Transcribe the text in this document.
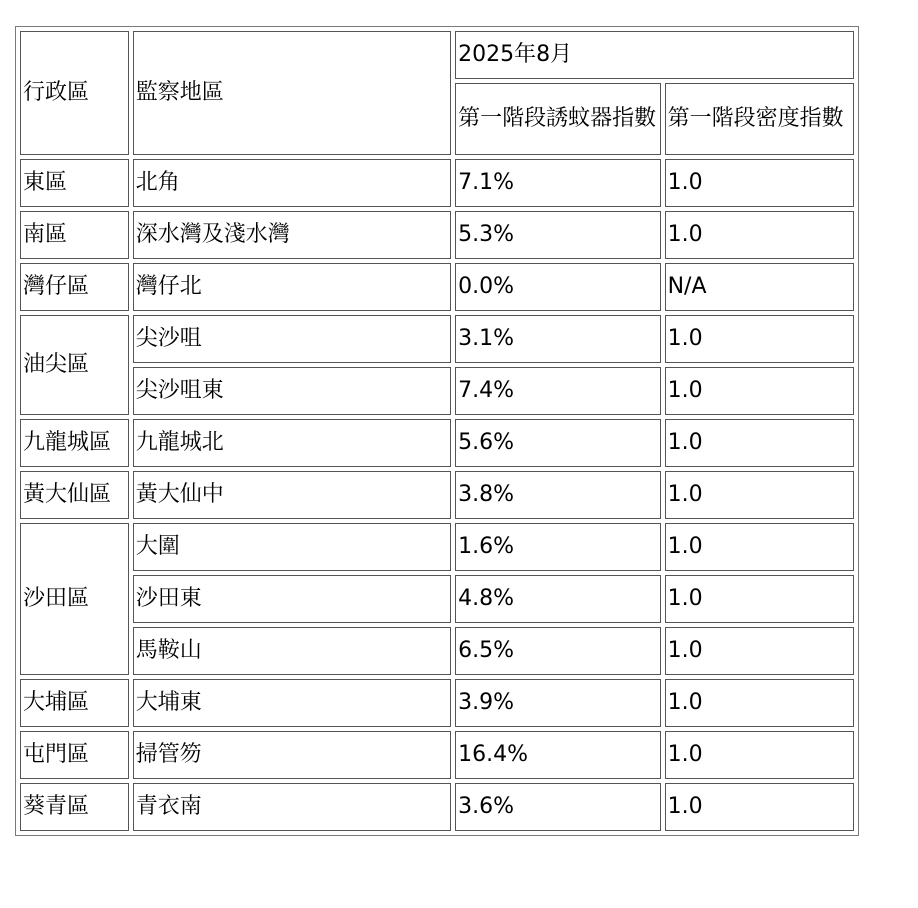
行政區	監察地區	2025年8月	
		第一階段誘蚊器指數	第一階段密度指數
東區	北角	7.1%	1.0
南區	深水灣及淺水灣	5.3%	1.0
灣仔區	灣仔北	0.0%	N/A
油尖區	尖沙咀	3.1%	1.0
	尖沙咀東	7.4%	1.0
九龍城區	九龍城北	5.6%	1.0
黃大仙區	黃大仙中	3.8%	1.0
沙田區	大圍	1.6%	1.0
	沙田東	4.8%	1.0
	馬鞍山	6.5%	1.0
大埔區	大埔東	3.9%	1.0
屯門區	掃管笏	16.4%	1.0
葵青區	青衣南	3.6%	1.0
